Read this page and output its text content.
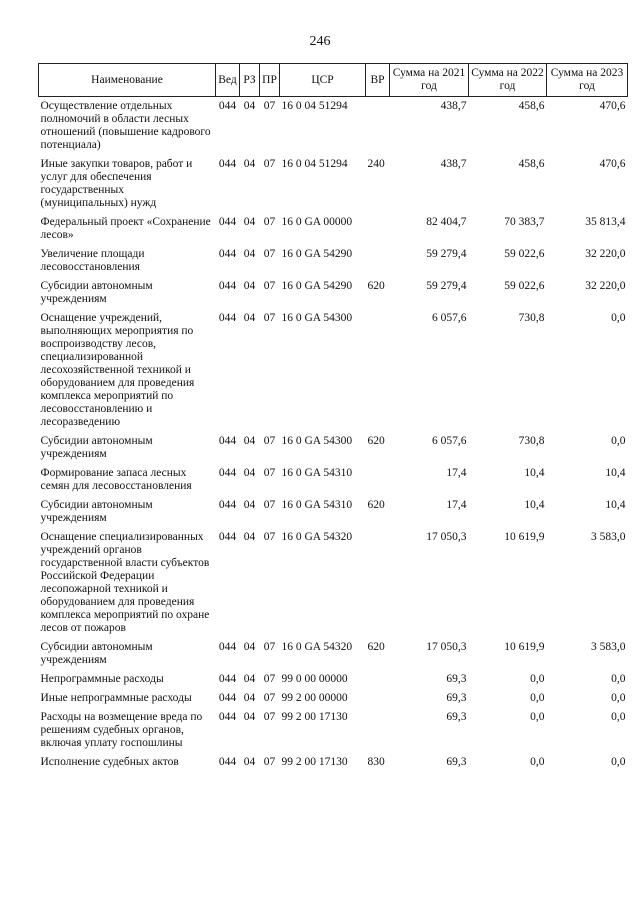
246
Наименование	Вед	РЗ	ПР	ЦСР	ВР	Сумма на 2021 год	Сумма на 2022 год	Сумма на 2023 год
Осуществление отдельных полномочий в области лесных отношений (повышение кадрового потенциала)	044	04	07	16 0 04 51294		438,7	458,6	470,6
Иные закупки товаров, работ и услуг для обеспечения государственных (муниципальных) нужд	044	04	07	16 0 04 51294	240	438,7	458,6	470,6
Федеральный проект «Сохранение лесов»	044	04	07	16 0 GA 00000		82 404,7	70 383,7	35 813,4
Увеличение площади лесовосстановления	044	04	07	16 0 GA 54290		59 279,4	59 022,6	32 220,0
Субсидии автономным учреждениям	044	04	07	16 0 GA 54290	620	59 279,4	59 022,6	32 220,0
Оснащение учреждений, выполняющих мероприятия по воспроизводству лесов, специализированной лесохозяйственной техникой и оборудованием для проведения комплекса мероприятий по лесовосстановлению и лесоразведению	044	04	07	16 0 GA 54300		6 057,6	730,8	0,0
Субсидии автономным учреждениям	044	04	07	16 0 GA 54300	620	6 057,6	730,8	0,0
Формирование запаса лесных семян для лесовосстановления	044	04	07	16 0 GA 54310		17,4	10,4	10,4
Субсидии автономным учреждениям	044	04	07	16 0 GA 54310	620	17,4	10,4	10,4
Оснащение специализированных учреждений органов государственной власти субъектов Российской Федерации лесопожарной техникой и оборудованием для проведения комплекса мероприятий по охране лесов от пожаров	044	04	07	16 0 GA 54320		17 050,3	10 619,9	3 583,0
Субсидии автономным учреждениям	044	04	07	16 0 GA 54320	620	17 050,3	10 619,9	3 583,0
Непрограммные расходы	044	04	07	99 0 00 00000		69,3	0,0	0,0
Иные непрограммные расходы	044	04	07	99 2 00 00000		69,3	0,0	0,0
Расходы на возмещение вреда по решениям судебных органов, включая уплату госпошлины	044	04	07	99 2 00 17130		69,3	0,0	0,0
Исполнение судебных актов	044	04	07	99 2 00 17130	830	69,3	0,0	0,0
